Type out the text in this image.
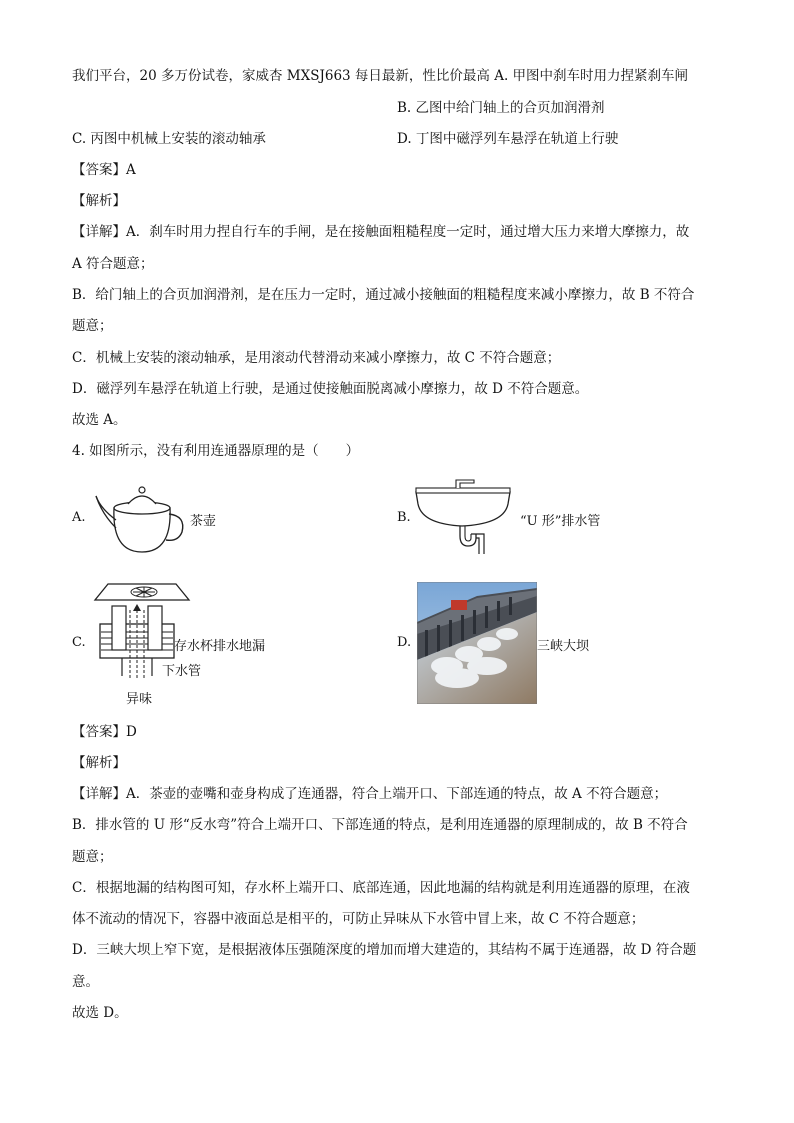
我们平台，20 多万份试卷，家威杏 MXSJ663 每日最新，性比价最高 A. 甲图中刹车时用力捏紧刹车闸
B. 乙图中给门轴上的合页加润滑剂
C. 丙图中机械上安装的滚动轴承	D. 丁图中磁浮列车悬浮在轨道上行驶
【答案】A
【解析】
【详解】A．刹车时用力捏自行车的手闸，是在接触面粗糙程度一定时，通过增大压力来增大摩擦力，故
A 符合题意；
B．给门轴上的合页加润滑剂，是在压力一定时，通过减小接触面的粗糙程度来减小摩擦力，故 B 不符合
题意；
C．机械上安装的滚动轴承，是用滚动代替滑动来减小摩擦力，故 C 不符合题意；
D．磁浮列车悬浮在轨道上行驶，是通过使接触面脱离减小摩擦力，故 D 不符合题意。
故选 A。
4. 如图所示，没有利用连通器原理的是（　　）
A.	茶壶	B.	“U 形”排水管
C.	存水杯排水地漏
下水管
异味
D.	三峡大坝
【答案】D
【解析】
【详解】A．茶壶的壶嘴和壶身构成了连通器，符合上端开口、下部连通的特点，故 A 不符合题意；
B．排水管的 U 形“反水弯”符合上端开口、下部连通的特点，是利用连通器的原理制成的，故 B 不符合
题意；
C．根据地漏的结构图可知，存水杯上端开口、底部连通，因此地漏的结构就是利用连通器的原理，在液
体不流动的情况下，容器中液面总是相平的，可防止异味从下水管中冒上来，故 C 不符合题意；
D．三峡大坝上窄下宽，是根据液体压强随深度的增加而增大建造的，其结构不属于连通器，故 D 符合题
意。
故选 D。
